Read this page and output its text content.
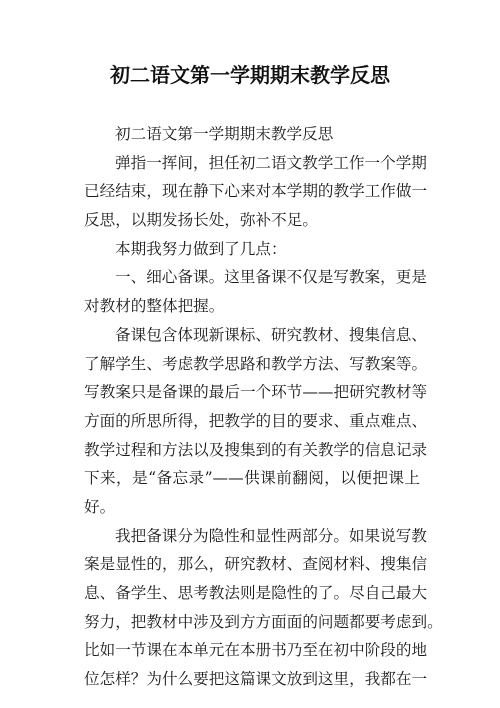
初二语文第一学期期末教学反思
初二语文第一学期期末教学反思
弹指一挥间，担任初二语文教学工作一个学期
已经结束，现在静下心来对本学期的教学工作做一
反思，以期发扬长处，弥补不足。
本期我努力做到了几点：
一、细心备课。这里备课不仅是写教案，更是
对教材的整体把握。
备课包含体现新课标、研究教材、搜集信息、
了解学生、考虑教学思路和教学方法、写教案等。
写教案只是备课的最后一个环节——把研究教材等
方面的所思所得，把教学的目的要求、重点难点、
教学过程和方法以及搜集到的有关教学的信息记录
下来，是“备忘录”——供课前翻阅，以便把课上
好。
我把备课分为隐性和显性两部分。如果说写教
案是显性的，那么，研究教材、查阅材料、搜集信
息、备学生、思考教法则是隐性的了。尽自己最大
努力，把教材中涉及到方方面面的问题都要考虑到。
比如一节课在本单元在本册书乃至在初中阶段的地
位怎样？为什么要把这篇课文放到这里，我都在一
